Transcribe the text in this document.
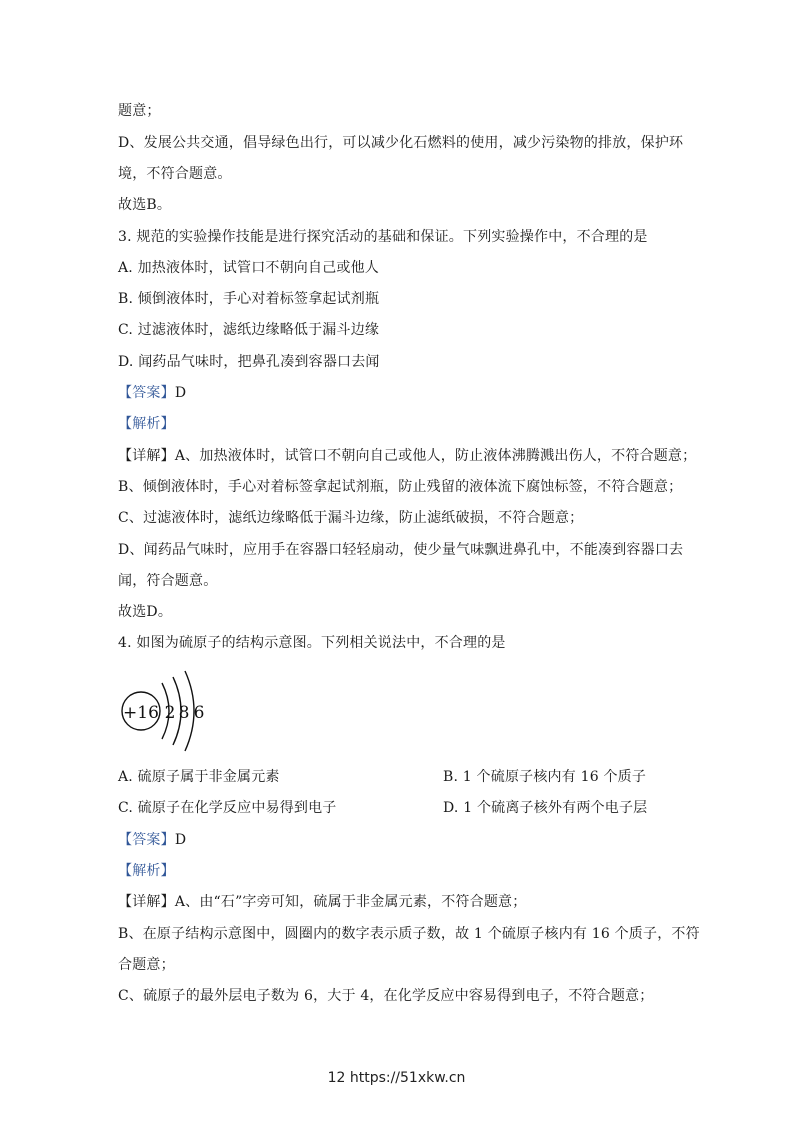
题意；
D、发展公共交通，倡导绿色出行，可以减少化石燃料的使用，减少污染物的排放，保护环
境，不符合题意。
故选B。
3. 规范的实验操作技能是进行探究活动的基础和保证。下列实验操作中，不合理的是
A. 加热液体时，试管口不朝向自己或他人
B. 倾倒液体时，手心对着标签拿起试剂瓶
C. 过滤液体时，滤纸边缘略低于漏斗边缘
D. 闻药品气味时，把鼻孔凑到容器口去闻
【答案】D
【解析】
【详解】A、加热液体时，试管口不朝向自己或他人，防止液体沸腾溅出伤人，不符合题意；
B、倾倒液体时，手心对着标签拿起试剂瓶，防止残留的液体流下腐蚀标签，不符合题意；
C、过滤液体时，滤纸边缘略低于漏斗边缘，防止滤纸破损，不符合题意；
D、闻药品气味时，应用手在容器口轻轻扇动，使少量气味飘进鼻孔中，不能凑到容器口去
闻，符合题意。
故选D。
4. 如图为硫原子的结构示意图。下列相关说法中，不合理的是
+16 2 8 6
A. 硫原子属于非金属元素	B. 1 个硫原子核内有 16 个质子
C. 硫原子在化学反应中易得到电子	D. 1 个硫离子核外有两个电子层
【答案】D
【解析】
【详解】A、由“石”字旁可知，硫属于非金属元素，不符合题意；
B、在原子结构示意图中，圆圈内的数字表示质子数，故 1 个硫原子核内有 16 个质子，不符
合题意；
C、硫原子的最外层电子数为 6，大于 4，在化学反应中容易得到电子，不符合题意；
12 https://51xkw.cn
